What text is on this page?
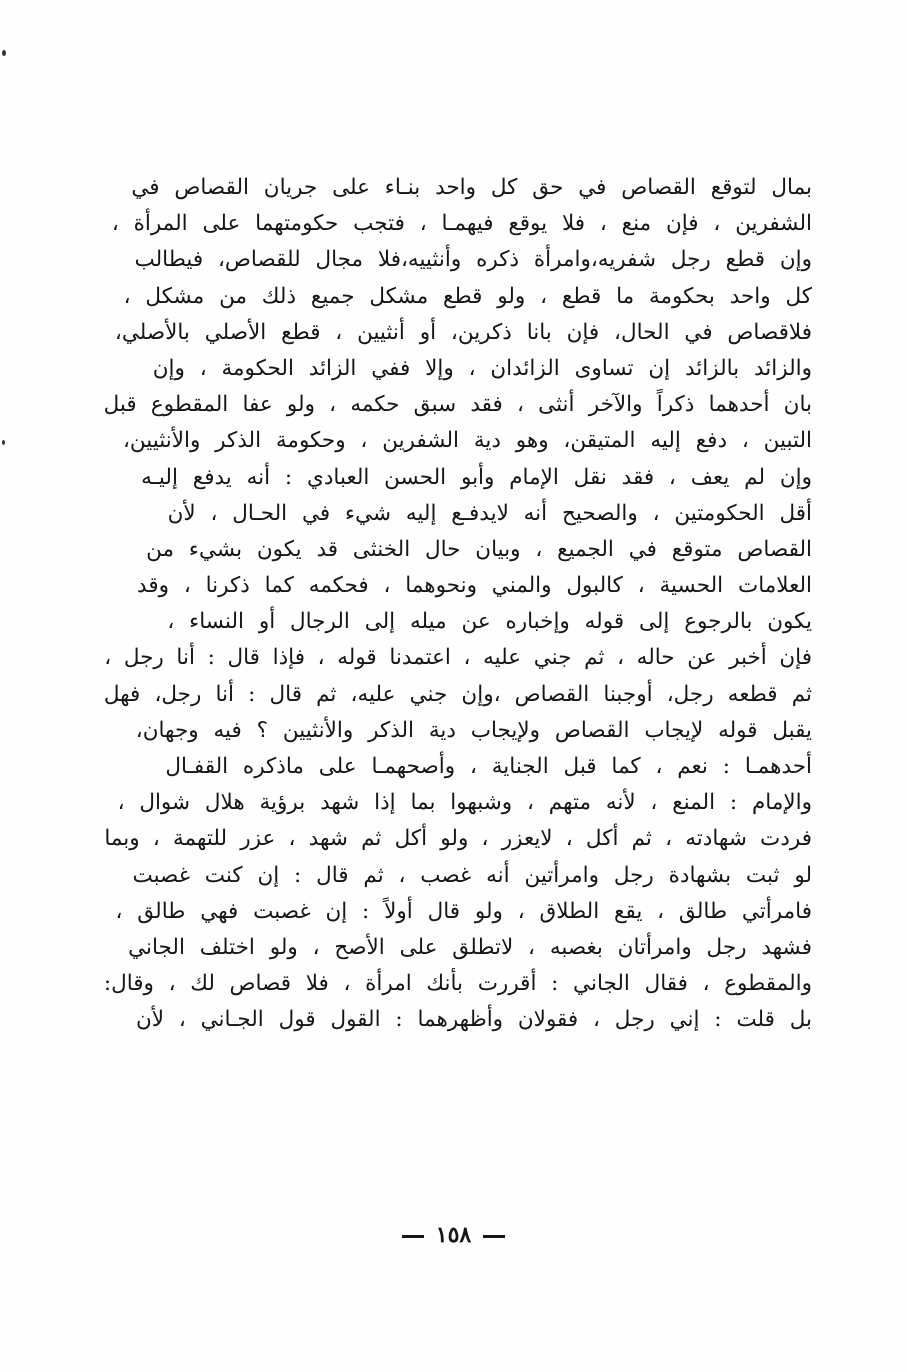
بمال لتوقع القصاص في حق كل واحد بنـاء على جريان القصاص في
الشفرين ، فإن منع ، فلا يوقع فيهمـا ، فتجب حكومتهما على المرأة ،
وإن قطع رجل شفريه،وامرأة ذكره وأنثييه،فلا مجال للقصاص، فيطالب
كل واحد بحكومة ما قطع ، ولو قطع مشكل جميع ذلك من مشكل ،
فلاقصاص في الحال، فإن بانا ذكرين، أو أنثيين ، قطع الأصلي بالأصلي،
والزائد بالزائد إن تساوى الزائدان ، وإلا ففي الزائد الحكومة ، وإن
بان أحدهما ذكراً والآخر أنثى ، فقد سبق حكمه ، ولو عفا المقطوع قبل
التبين ، دفع إليه المتيقن، وهو دية الشفرين ، وحكومة الذكر والأنثيين،
وإن لم يعف ، فقد نقل الإمام وأبو الحسن العبادي : أنه يدفع إليـه
أقل الحكومتين ، والصحيح أنه لايدفـع إليه شيء في الحـال ، لأن
القصاص متوقع في الجميع ، وبيان حال الخنثى قد يكون بشيء من
العلامات الحسية ، كالبول والمني ونحوهما ، فحكمه كما ذكرنا ، وقد
يكون بالرجوع إلى قوله وإخباره عن ميله إلى الرجال أو النساء ،
فإن أخبر عن حاله ، ثم جني عليه ، اعتمدنا قوله ، فإذا قال : أنا رجل ،
ثم قطعه رجل، أوجبنا القصاص ،وإن جني عليه، ثم قال : أنا رجل، فهل
يقبل قوله لإيجاب القصاص ولإيجاب دية الذكر والأنثيين ؟ فيه وجهان،
أحدهمـا : نعم ، كما قبل الجناية ، وأصحهمـا على ماذكره القفـال
والإمام : المنع ، لأنه متهم ، وشبهوا بما إذا شهد برؤية هلال شوال ،
فردت شهادته ، ثم أكل ، لايعزر ، ولو أكل ثم شهد ، عزر للتهمة ، وبما
لو ثبت بشهادة رجل وامرأتين أنه غصب ، ثم قال : إن كنت غصبت
فامرأتي طالق ، يقع الطلاق ، ولو قال أولاً : إن غصبت فهي طالق ،
فشهد رجل وامرأتان بغصبه ، لاتطلق على الأصح ، ولو اختلف الجاني
والمقطوع ، فقال الجاني : أقررت بأنك امرأة ، فلا قصاص لك ، وقال:
بل قلت : إني رجل ، فقولان وأظهرهما : القول قول الجـاني ، لأن
١٥٨
